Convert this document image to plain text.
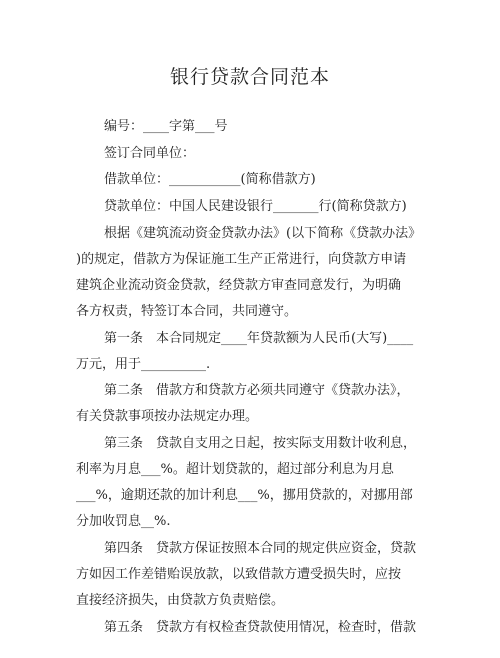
银行贷款合同范本
编号：____字第___号
签订合同单位：
借款单位：___________(简称借款方)
贷款单位：中国人民建设银行_______行(简称贷款方)
根据《建筑流动资金贷款办法》(以下简称《贷款办法》
)的规定，借款方为保证施工生产正常进行，向贷款方申请
建筑企业流动资金贷款，经贷款方审查同意发行，为明确
各方权责，特签订本合同，共同遵守。
第一条　本合同规定____年贷款额为人民币(大写)____
万元，用于__________.
第二条　借款方和贷款方必须共同遵守《贷款办法》，
有关贷款事项按办法规定办理。
第三条　贷款自支用之日起，按实际支用数计收利息，
利率为月息___%。超计划贷款的，超过部分利息为月息
___%，逾期还款的加计利息___%，挪用贷款的，对挪用部
分加收罚息__%.
第四条　贷款方保证按照本合同的规定供应资金，贷款
方如因工作差错贻误放款，以致借款方遭受损失时，应按
直接经济损失，由贷款方负责赔偿。
第五条　贷款方有权检查贷款使用情况，检查时，借款
